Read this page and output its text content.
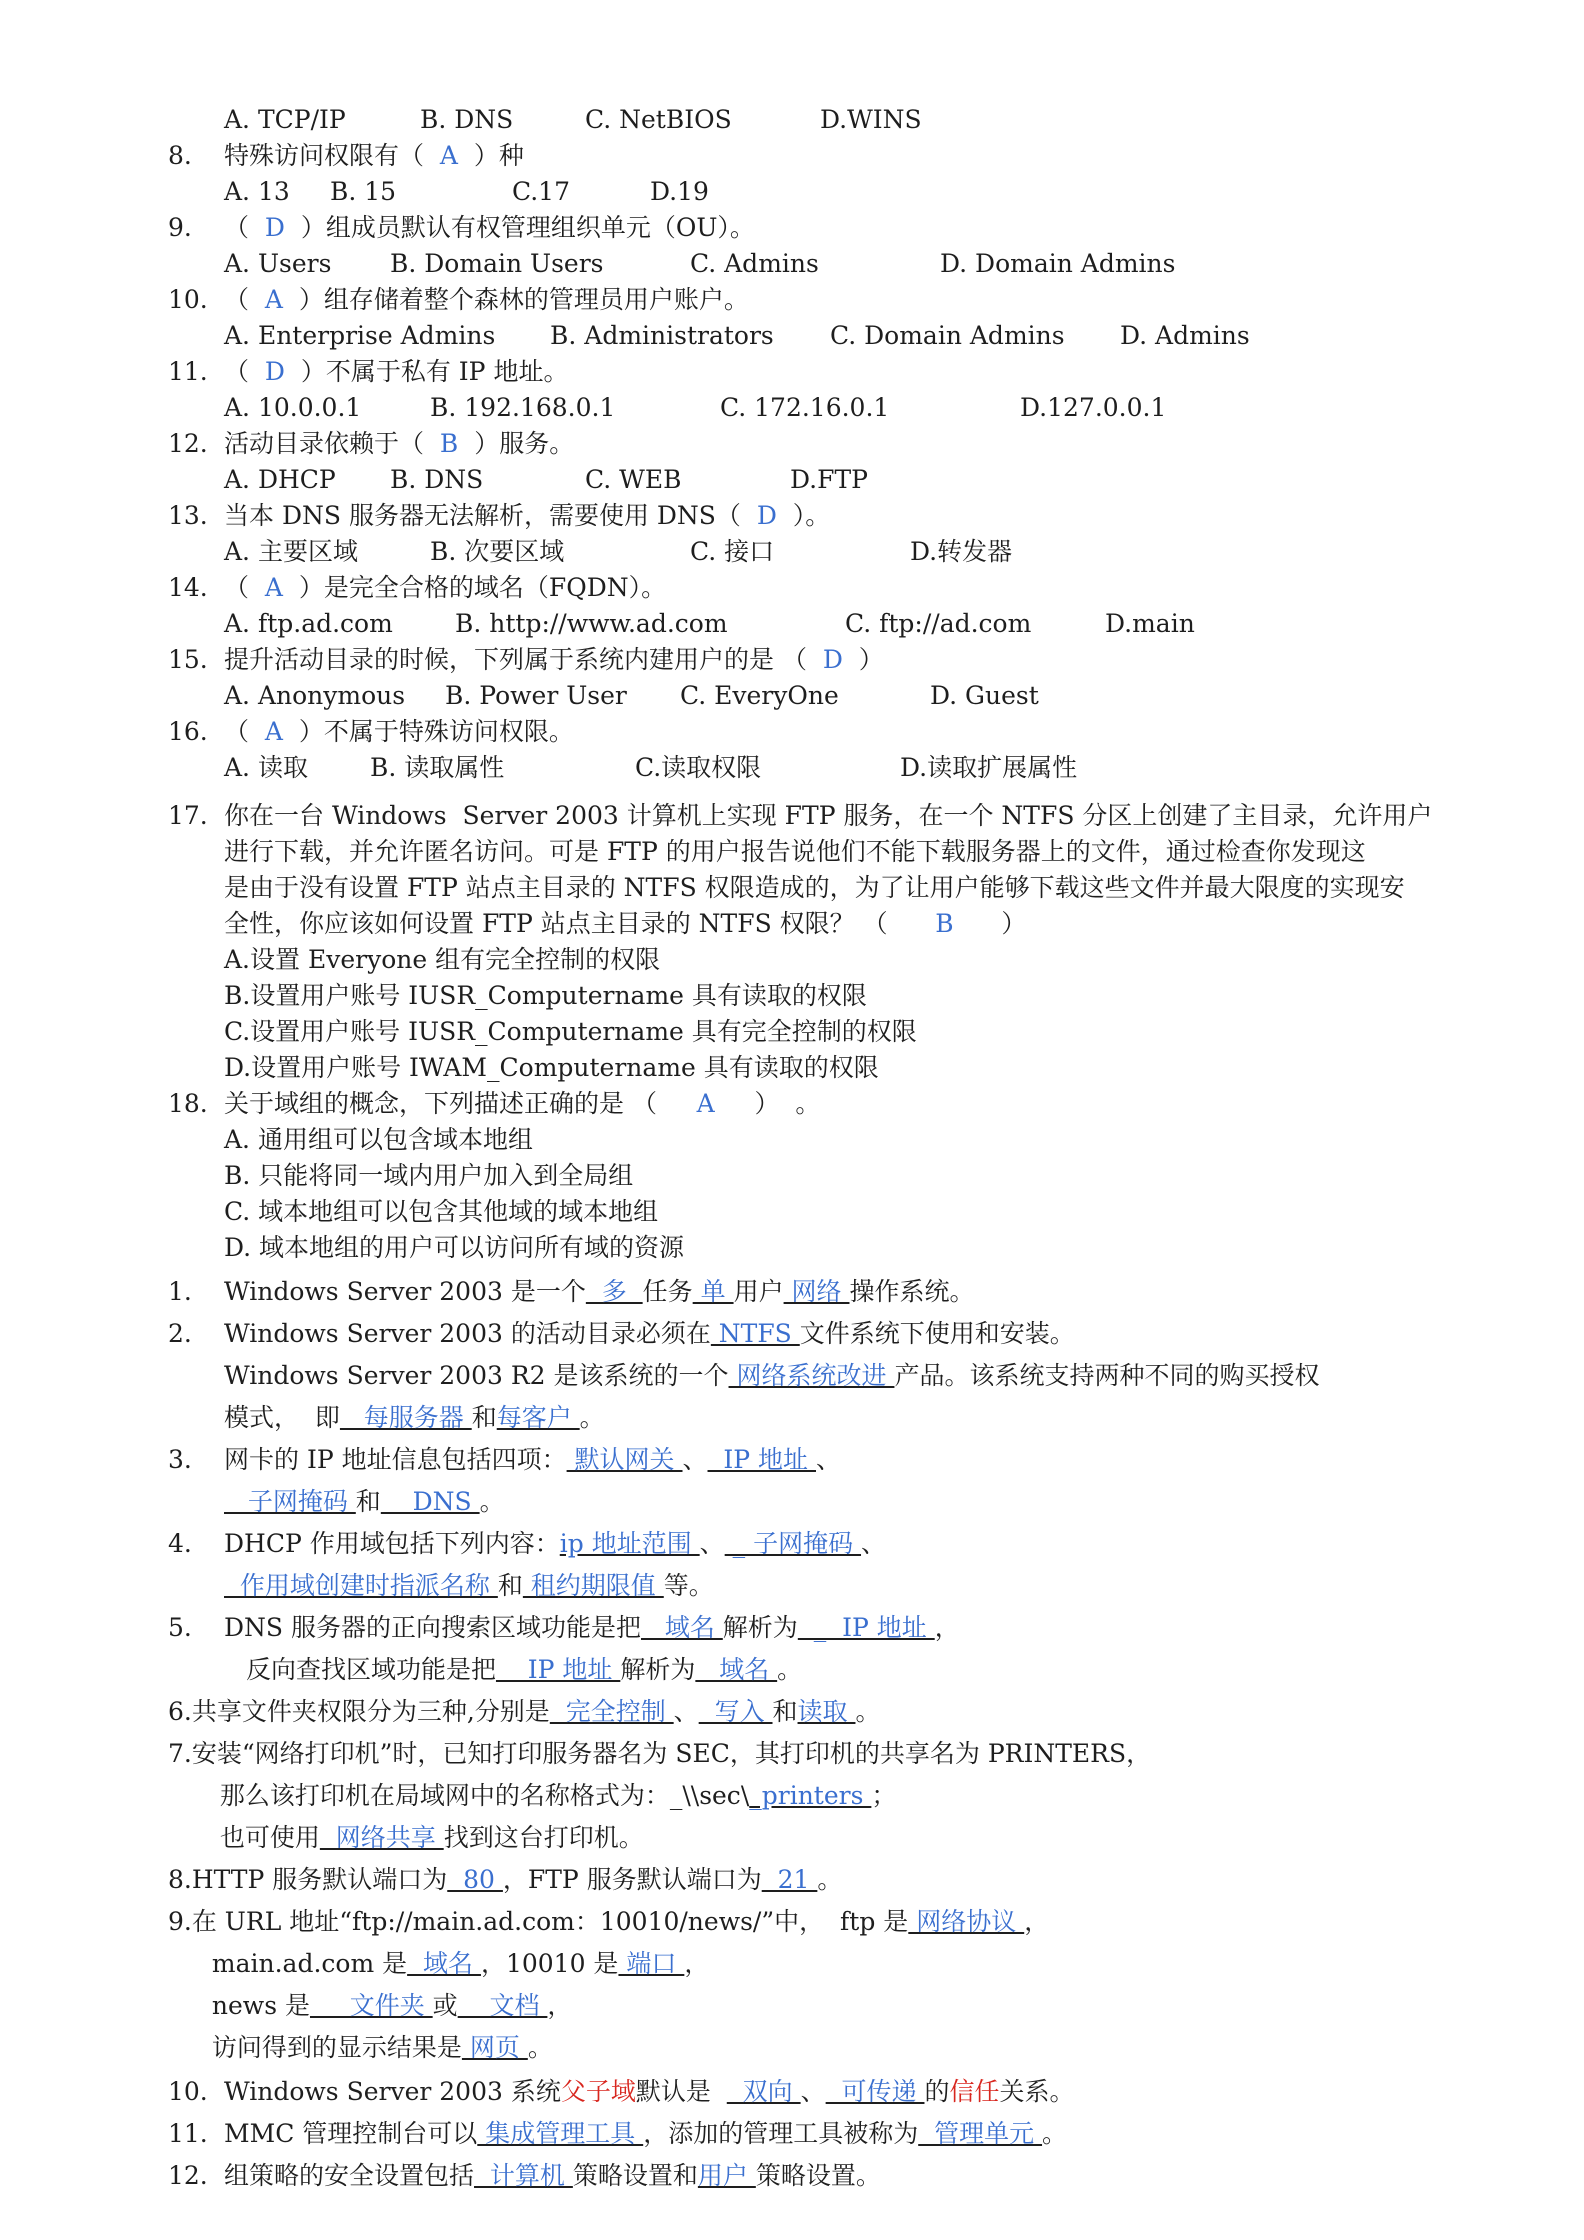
A. TCP/IP	B. DNS	C. NetBIOS	D.WINS
8. 特殊访问权限有（  A  ）种
A. 13 B. 15	C.17	D.19
9. （  D  ）组成员默认有权管理组织单元（OU）。
A. Users B. Domain Users	C. Admins	D. Domain Admins
10. （  A  ）组存储着整个森林的管理员用户账户。
A. Enterprise Admins B. Administrators C. Domain Admins D. Admins
11. （  D  ）不属于私有 IP 地址。
A. 10.0.0.1	B. 192.168.0.1	C. 172.16.0.1	D.127.0.0.1
12. 活动目录依赖于（  B  ）服务。
A. DHCP B. DNS	C. WEB	D.FTP
13. 当本 DNS 服务器无法解析，需要使用 DNS（  D  ）。
A. 主要区域	B. 次要区域	C. 接口	D.转发器
14. （  A  ）是完全合格的域名（FQDN）。
A. ftp.ad.com B. http://www.ad.com	C. ftp://ad.com	D.main
15. 提升活动目录的时候，下列属于系统内建用户的是 （  D  ）
A. Anonymous B. Power User C. EveryOne	D. Guest
16. （  A  ）不属于特殊访问权限。
A. 读取 B. 读取属性	C.读取权限	D.读取扩展属性
17. 你在一台 Windows  Server 2003 计算机上实现 FTP 服务，在一个 NTFS 分区上创建了主目录，允许用户
进行下载，并允许匿名访问。可是 FTP 的用户报告说他们不能下载服务器上的文件，通过检查你发现这
是由于没有设置 FTP 站点主目录的 NTFS 权限造成的，为了让用户能够下载这些文件并最大限度的实现安
全性，你应该如何设置 FTP 站点主目录的 NTFS 权限？ （      B      ）
A.设置 Everyone 组有完全控制的权限
B.设置用户账号 IUSR_Computername 具有读取的权限
C.设置用户账号 IUSR_Computername 具有完全控制的权限
D.设置用户账号 IWAM_Computername 具有读取的权限
18. 关于域组的概念，下列描述正确的是 （     A     ）  。
A. 通用组可以包含域本地组
B. 只能将同一域内用户加入到全局组
C. 域本地组可以包含其他域的域本地组
D. 域本地组的用户可以访问所有域的资源
1. Windows Server 2003 是一个  多  任务 单 用户 网络 操作系统。
2. Windows Server 2003 的活动目录必须在 NTFS 文件系统下使用和安装。
Windows Server 2003 R2 是该系统的一个 网络系统改进 产品。该系统支持两种不同的购买授权
模式，  即   每服务器 和每客户 。
3. 网卡的 IP 地址信息包括四项： 默认网关 、  IP 地址 、
子网掩码 和    DNS 。
4. DHCP 作用域包括下列内容：ip 地址范围 、 _ 子网掩码 、
作用域创建时指派名称 和 租约期限值 等。
5. DNS 服务器的正向搜索区域功能是把   域名 解析为  _  IP 地址 ，
反向查找区域功能是把    IP 地址 解析为   域名 。
6.共享文件夹权限分为三种,分别是  完全控制 、  写入 和读取 。
7.安装“网络打印机”时，已知打印服务器名为 SEC，其打印机的共享名为 PRINTERS，
那么该打印机在局域网中的名称格式为：_\\sec\_printers ；
也可使用  网络共享 找到这台打印机。
8.HTTP 服务默认端口为  80 ，FTP 服务默认端口为  21 。
9.在 URL 地址“ftp://main.ad.com：10010/news/”中，  ftp 是 网络协议 ，
main.ad.com 是  域名 ，10010 是 端口 ，
news 是     文件夹 或    文档 ，
访问得到的显示结果是 网页 。
10. Windows Server 2003 系统父子域默认是    双向 、  可传递 的信任关系。
11. MMC 管理控制台可以 集成管理工具 ，添加的管理工具被称为  管理单元 。
12. 组策略的安全设置包括  计算机 策略设置和用户 策略设置。
